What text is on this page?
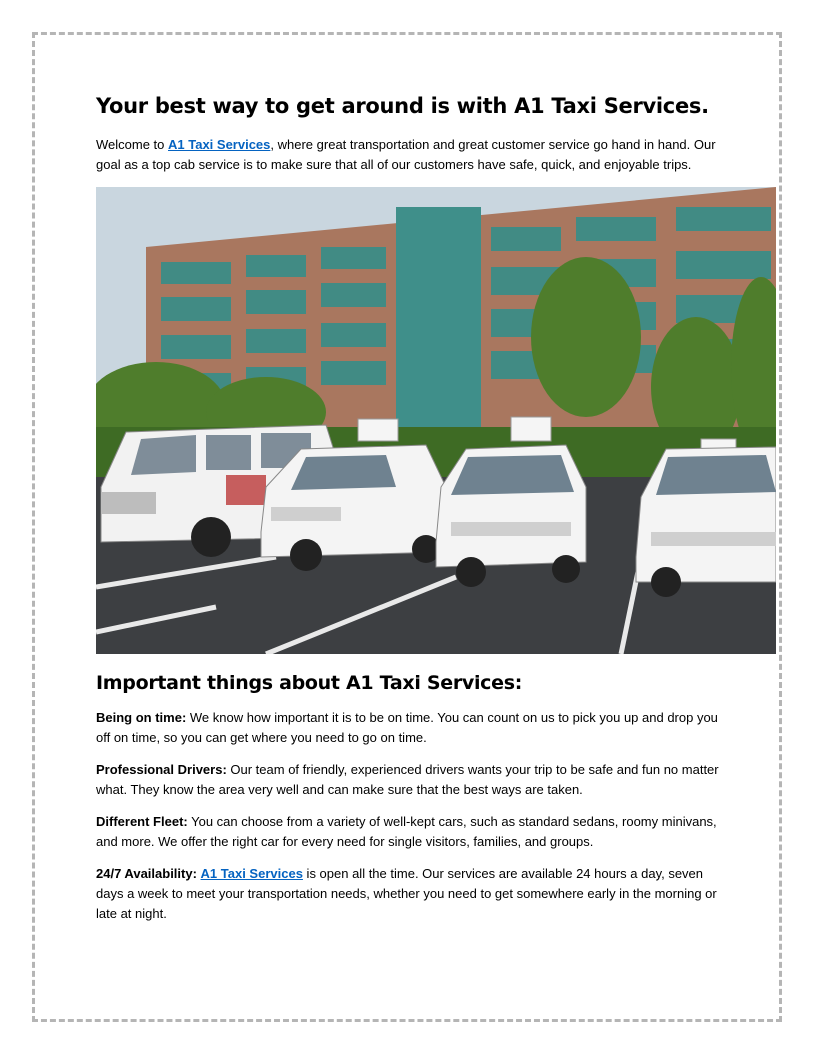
Your best way to get around is with A1 Taxi Services.

Welcome to A1 Taxi Services, where great transportation and great customer service go hand in hand. Our goal as a top cab service is to make sure that all of our customers have safe, quick, and enjoyable trips.

Important things about A1 Taxi Services:

Being on time: We know how important it is to be on time. You can count on us to pick you up and drop you off on time, so you can get where you need to go on time.

Professional Drivers: Our team of friendly, experienced drivers wants your trip to be safe and fun no matter what. They know the area very well and can make sure that the best ways are taken.

Different Fleet: You can choose from a variety of well-kept cars, such as standard sedans, roomy minivans, and more. We offer the right car for every need for single visitors, families, and groups.

24/7 Availability: A1 Taxi Services is open all the time. Our services are available 24 hours a day, seven days a week to meet your transportation needs, whether you need to get somewhere early in the morning or late at night.
